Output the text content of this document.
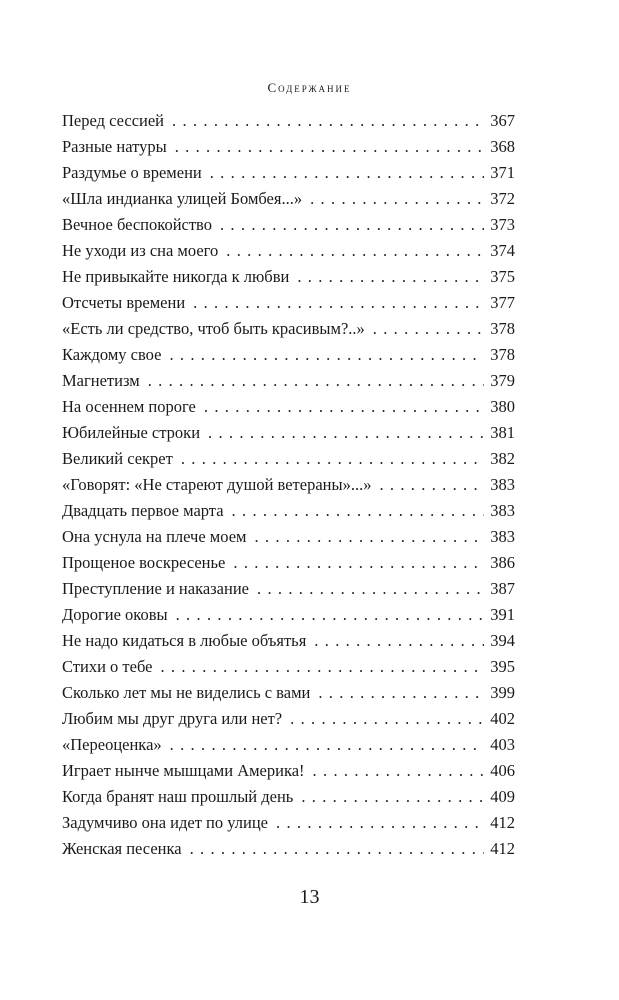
Содержание
Перед сессией . . .	367
Разные натуры . . .	368
Раздумье о времени . . .	371
«Шла индианка улицей Бомбея...» . . .	372
Вечное беспокойство . . .	373
Не уходи из сна моего . . .	374
Не привыкайте никогда к любви . . .	375
Отсчеты времени . . .	377
«Есть ли средство, чтоб быть красивым?..» . . .	378
Каждому свое . . .	378
Магнетизм . . .	379
На осеннем пороге . . .	380
Юбилейные строки . . .	381
Великий секрет . . .	382
«Говорят: «Не стареют душой ветераны»...» . . .	383
Двадцать первое марта . . .	383
Она уснула на плече моем . . .	383
Прощеное воскресенье . . .	386
Преступление и наказание . . .	387
Дорогие оковы . . .	391
Не надо кидаться в любые объятья . . .	394
Стихи о тебе . . .	395
Сколько лет мы не виделись с вами . . .	399
Любим мы друг друга или нет? . . .	402
«Переоценка» . . .	403
Играет нынче мышцами Америка! . . .	406
Когда бранят наш прошлый день . . .	409
Задумчиво она идет по улице . . .	412
Женская песенка . . .	412
13
